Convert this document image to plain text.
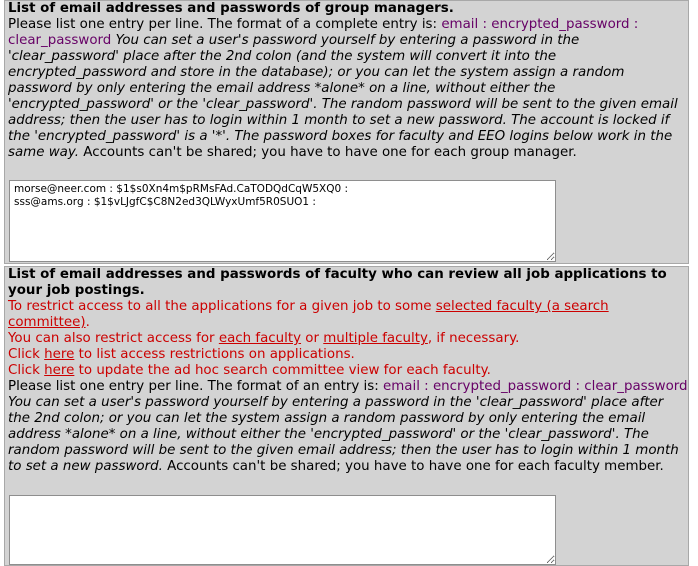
List of email addresses and passwords of group managers.

Please list one entry per line. The format of a complete entry is: email : encrypted_password : clear_password You can set a user's password yourself by entering a password in the 'clear_password' place after the 2nd colon (and the system will convert it into the encrypted_password and store in the database); or you can let the system assign a random password by only entering the email address *alone* on a line, without either the 'encrypted_password' or the 'clear_password'. The random password will be sent to the given email address; then the user has to login within 1 month to set a new password. The account is locked if the 'encrypted_password' is a '*'. The password boxes for faculty and EEO logins below work in the same way. Accounts can't be shared; you have to have one for each group manager.

morse@neer.com : $1$s0Xn4m$pRMsFAd.CaTODQdCqW5XQ0 : sss@ams.org : $1$vLJgfC$C8N2ed3QLWyxUmf5R0SUO1 :

List of email addresses and passwords of faculty who can review all job applications to your job postings.

To restrict access to all the applications for a given job to some selected faculty (a search committee).

You can also restrict access for each faculty or multiple faculty, if necessary.

Click here to list access restrictions on applications.

Click here to update the ad hoc search committee view for each faculty.

Please list one entry per line. The format of an entry is: email : encrypted_password : clear_password You can set a user's password yourself by entering a password in the 'clear_password' place after the 2nd colon; or you can let the system assign a random password by only entering the email address *alone* on a line, without either the 'encrypted_password' or the 'clear_password'. The random password will be sent to the given email address; then the user has to login within 1 month to set a new password. Accounts can't be shared; you have to have one for each faculty member.
